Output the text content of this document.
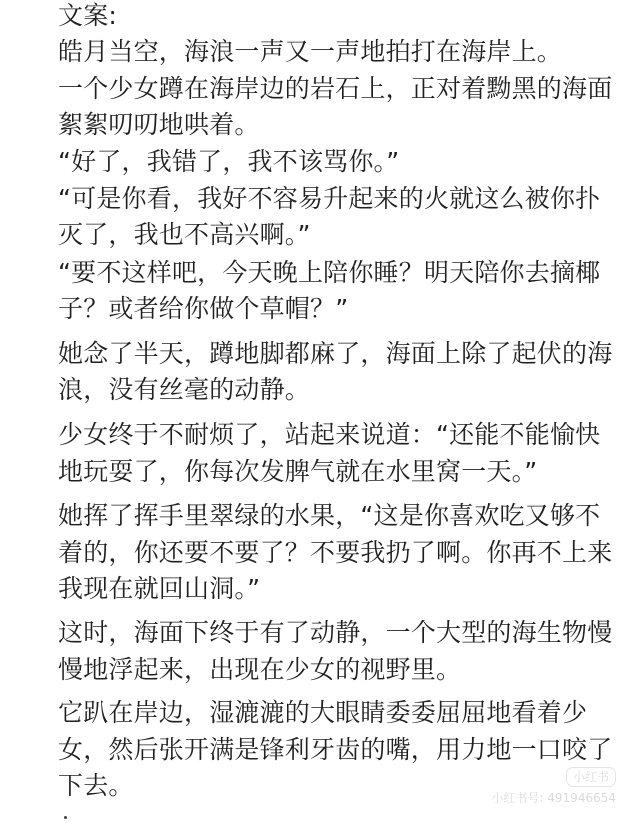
文案:
皓月当空，海浪一声又一声地拍打在海岸上。
一个少女蹲在海岸边的岩石上，正对着黝黑的海面
絮絮叨叨地哄着。
“好了，我错了，我不该骂你。”
“可是你看，我好不容易升起来的火就这么被你扑
灭了，我也不高兴啊。”
“要不这样吧，今天晚上陪你睡？明天陪你去摘椰
子？或者给你做个草帽？”
她念了半天，蹲地脚都麻了，海面上除了起伏的海
浪，没有丝毫的动静。
少女终于不耐烦了，站起来说道：“还能不能愉快
地玩耍了，你每次发脾气就在水里窝一天。”
她挥了挥手里翠绿的水果，“这是你喜欢吃又够不
着的，你还要不要了？不要我扔了啊。你再不上来
我现在就回山洞。”
这时，海面下终于有了动静，一个大型的海生物慢
慢地浮起来，出现在少女的视野里。
它趴在岸边，湿漉漉的大眼睛委委屈屈地看着少
女，然后张开满是锋利牙齿的嘴，用力地一口咬了
下去。	小红书
小红书号: 491946654
